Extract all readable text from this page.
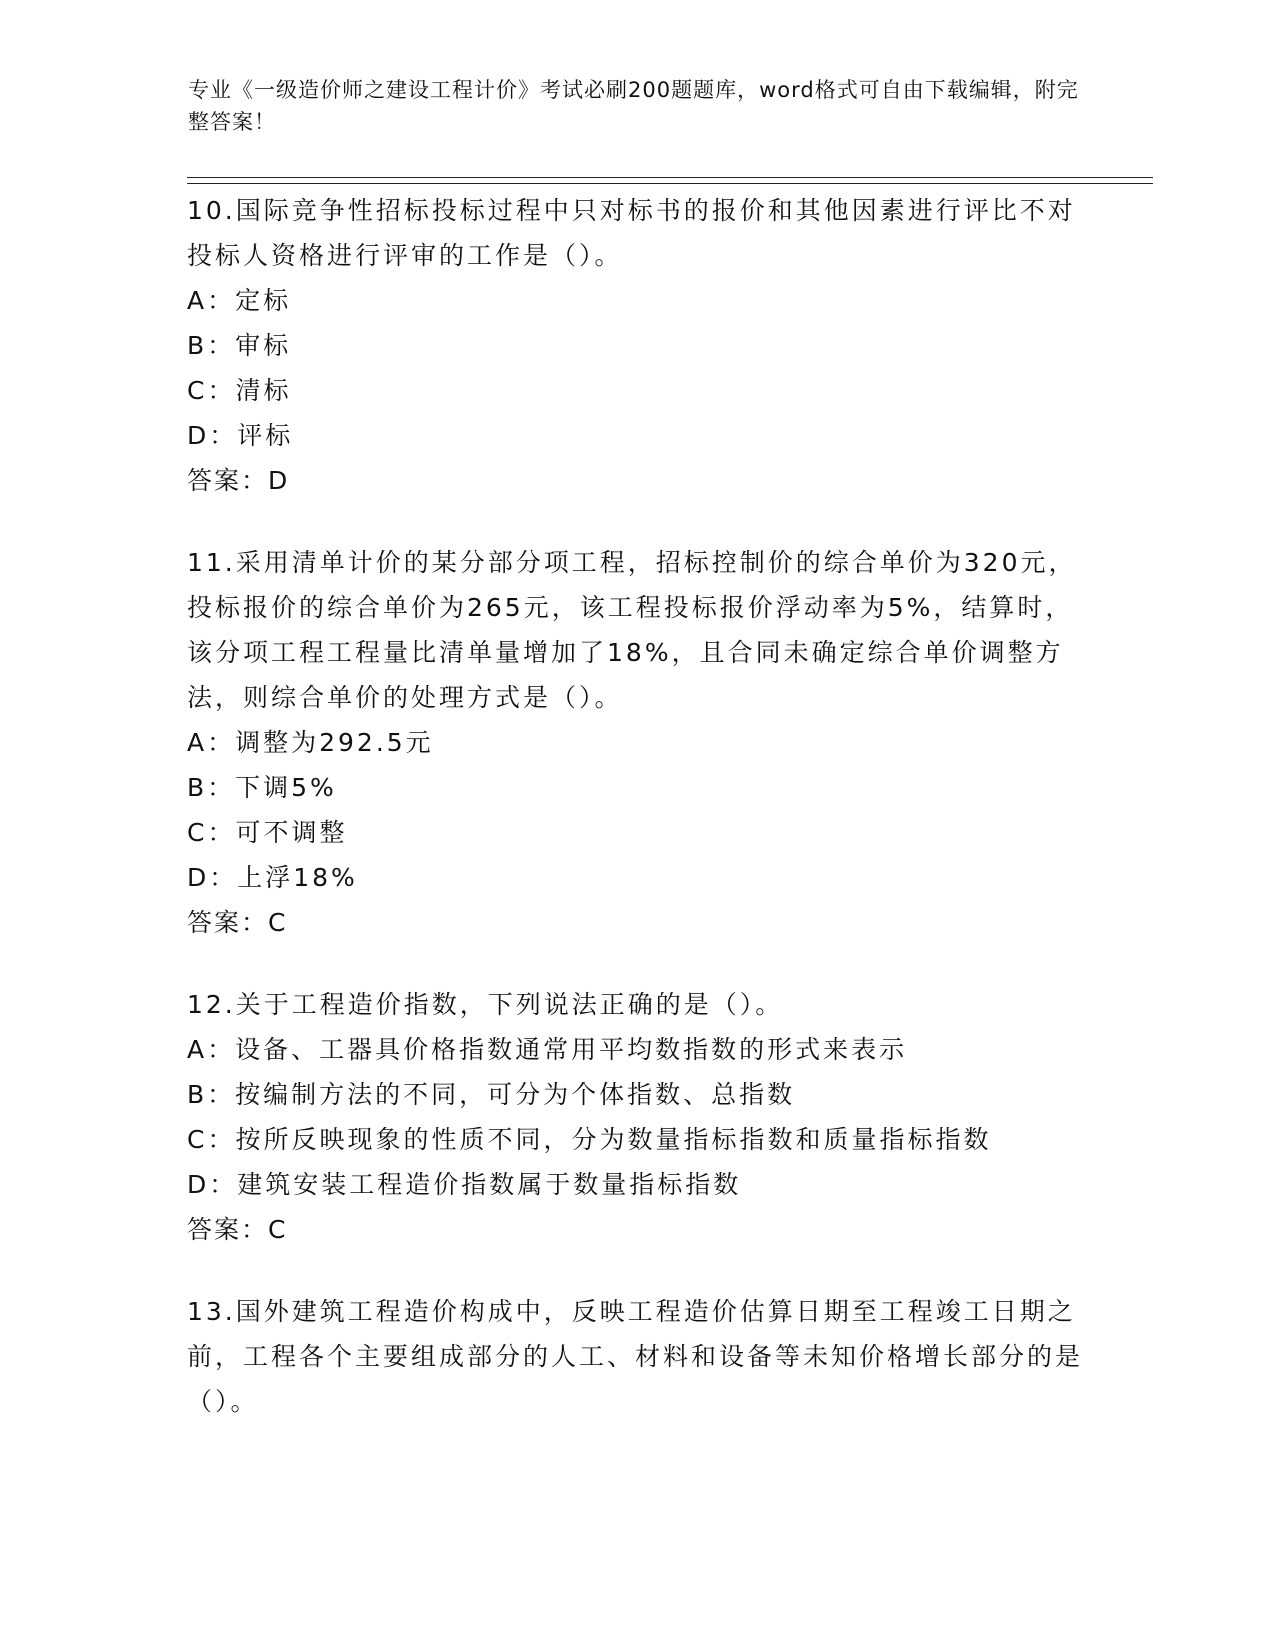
专业《一级造价师之建设工程计价》考试必刷200题题库，word格式可自由下载编辑，附完整答案！
10.国际竞争性招标投标过程中只对标书的报价和其他因素进行评比不对投标人资格进行评审的工作是（）。
A：定标
B：审标
C：清标
D：评标
答案：D
11.采用清单计价的某分部分项工程，招标控制价的综合单价为320元，投标报价的综合单价为265元，该工程投标报价浮动率为5%，结算时，该分项工程工程量比清单量增加了18%，且合同未确定综合单价调整方法，则综合单价的处理方式是（）。
A：调整为292.5元
B：下调5%
C：可不调整
D：上浮18%
答案：C
12.关于工程造价指数，下列说法正确的是（）。
A：设备、工器具价格指数通常用平均数指数的形式来表示
B：按编制方法的不同，可分为个体指数、总指数
C：按所反映现象的性质不同，分为数量指标指数和质量指标指数
D：建筑安装工程造价指数属于数量指标指数
答案：C
13.国外建筑工程造价构成中，反映工程造价估算日期至工程竣工日期之前，工程各个主要组成部分的人工、材料和设备等未知价格增长部分的是（）。
